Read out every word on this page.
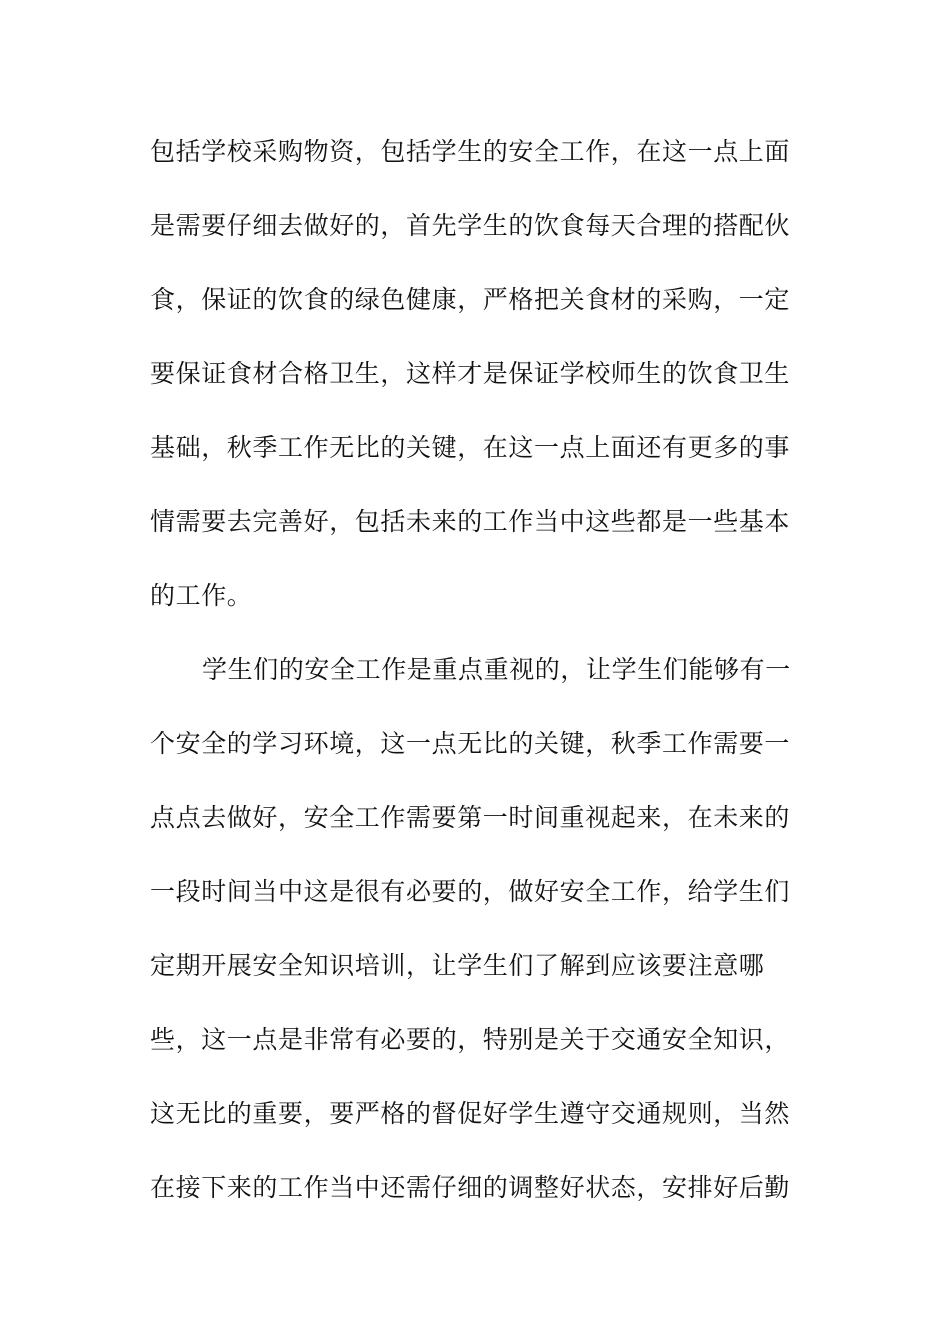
包括学校采购物资，包括学生的安全工作，在这一点上面
是需要仔细去做好的，首先学生的饮食每天合理的搭配伙
食，保证的饮食的绿色健康，严格把关食材的采购，一定
要保证食材合格卫生，这样才是保证学校师生的饮食卫生
基础，秋季工作无比的关键，在这一点上面还有更多的事
情需要去完善好，包括未来的工作当中这些都是一些基本
的工作。
学生们的安全工作是重点重视的，让学生们能够有一
个安全的学习环境，这一点无比的关键，秋季工作需要一
点点去做好，安全工作需要第一时间重视起来，在未来的
一段时间当中这是很有必要的，做好安全工作，给学生们
定期开展安全知识培训，让学生们了解到应该要注意哪
些，这一点是非常有必要的，特别是关于交通安全知识，
这无比的重要，要严格的督促好学生遵守交通规则，当然
在接下来的工作当中还需仔细的调整好状态，安排好后勤
